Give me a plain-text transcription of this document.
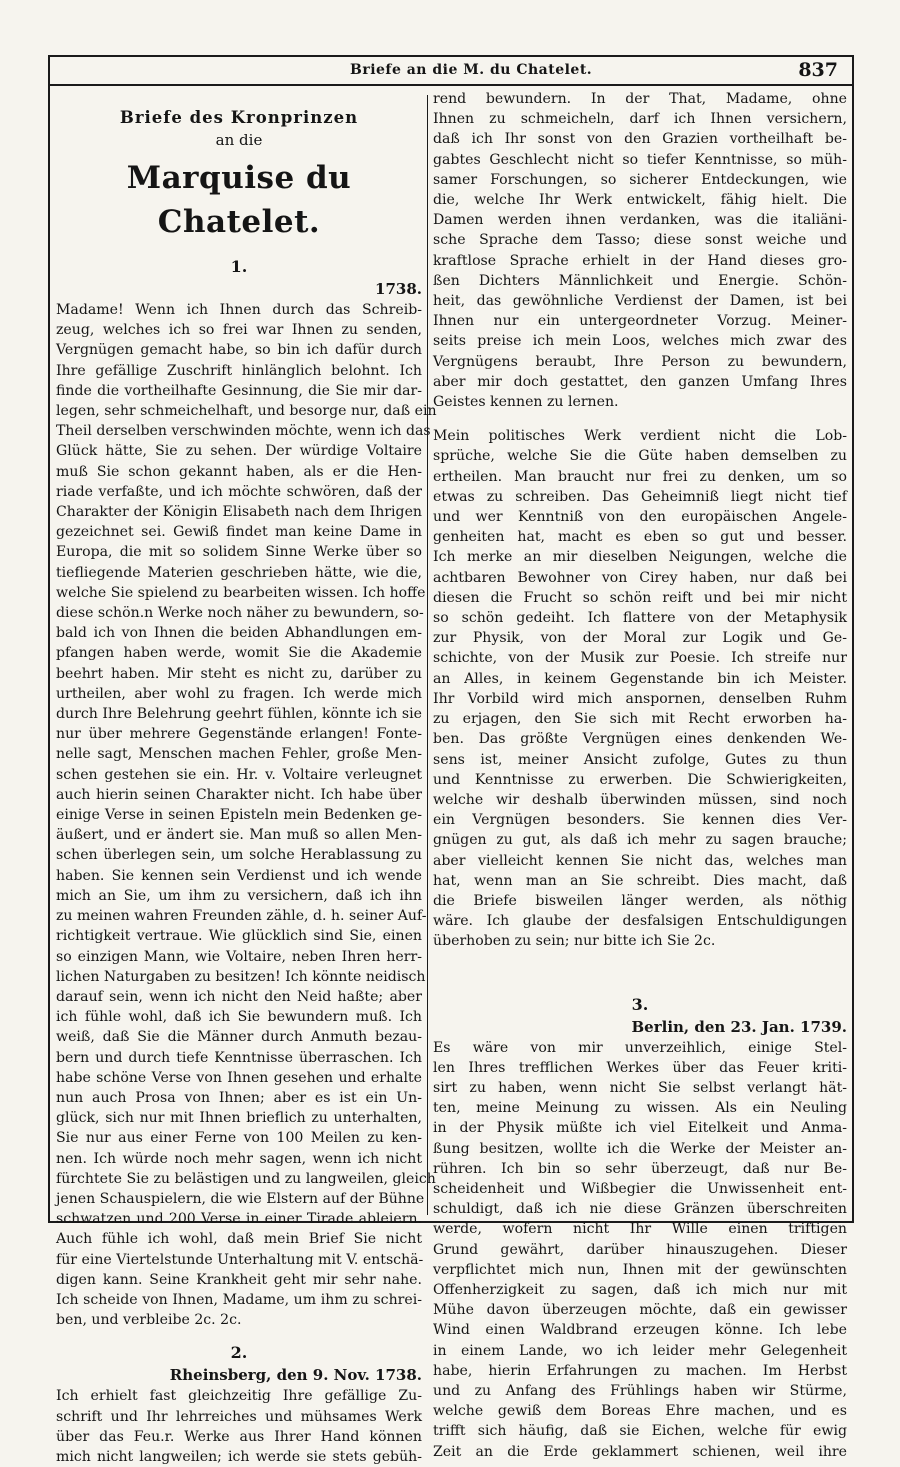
Briefe an die M. du Chatelet.	837
Briefe des Kronprinzen
an die
Marquise du Chatelet.
1.
1738.
Madame! Wenn ich Ihnen durch das Schreib-
zeug, welches ich so frei war Ihnen zu senden,
Vergnügen gemacht habe, so bin ich dafür durch
Ihre gefällige Zuschrift hinlänglich belohnt. Ich
finde die vortheilhafte Gesinnung, die Sie mir dar-
legen, sehr schmeichelhaft, und besorge nur, daß ein
Theil derselben verschwinden möchte, wenn ich das
Glück hätte, Sie zu sehen. Der würdige Voltaire
muß Sie schon gekannt haben, als er die Hen-
riade verfaßte, und ich möchte schwören, daß der
Charakter der Königin Elisabeth nach dem Ihrigen
gezeichnet sei. Gewiß findet man keine Dame in
Europa, die mit so solidem Sinne Werke über so
tiefliegende Materien geschrieben hätte, wie die,
welche Sie spielend zu bearbeiten wissen. Ich hoffe
diese schön.n Werke noch näher zu bewundern, so-
bald ich von Ihnen die beiden Abhandlungen em-
pfangen haben werde, womit Sie die Akademie
beehrt haben. Mir steht es nicht zu, darüber zu
urtheilen, aber wohl zu fragen. Ich werde mich
durch Ihre Belehrung geehrt fühlen, könnte ich sie
nur über mehrere Gegenstände erlangen! Fonte-
nelle sagt, Menschen machen Fehler, große Men-
schen gestehen sie ein. Hr. v. Voltaire verleugnet
auch hierin seinen Charakter nicht. Ich habe über
einige Verse in seinen Episteln mein Bedenken ge-
äußert, und er ändert sie. Man muß so allen Men-
schen überlegen sein, um solche Herablassung zu
haben. Sie kennen sein Verdienst und ich wende
mich an Sie, um ihm zu versichern, daß ich ihn
zu meinen wahren Freunden zähle, d. h. seiner Auf-
richtigkeit vertraue. Wie glücklich sind Sie, einen
so einzigen Mann, wie Voltaire, neben Ihren herr-
lichen Naturgaben zu besitzen! Ich könnte neidisch
darauf sein, wenn ich nicht den Neid haßte; aber
ich fühle wohl, daß ich Sie bewundern muß. Ich
weiß, daß Sie die Männer durch Anmuth bezau-
bern und durch tiefe Kenntnisse überraschen. Ich
habe schöne Verse von Ihnen gesehen und erhalte
nun auch Prosa von Ihnen; aber es ist ein Un-
glück, sich nur mit Ihnen brieflich zu unterhalten,
Sie nur aus einer Ferne von 100 Meilen zu ken-
nen. Ich würde noch mehr sagen, wenn ich nicht
fürchtete Sie zu belästigen und zu langweilen, gleich
jenen Schauspielern, die wie Elstern auf der Bühne
schwatzen und 200 Verse in einer Tirade ableiern.
Auch fühle ich wohl, daß mein Brief Sie nicht
für eine Viertelstunde Unterhaltung mit V. entschä-
digen kann. Seine Krankheit geht mir sehr nahe.
Ich scheide von Ihnen, Madame, um ihm zu schrei-
ben, und verbleibe 2c. 2c.
2.
Rheinsberg, den 9. Nov. 1738.
Ich erhielt fast gleichzeitig Ihre gefällige Zu-
schrift und Ihr lehrreiches und mühsames Werk
über das Feu.r. Werke aus Ihrer Hand können
mich nicht langweilen; ich werde sie stets gebüh-
rend bewundern. In der That, Madame, ohne
Ihnen zu schmeicheln, darf ich Ihnen versichern,
daß ich Ihr sonst von den Grazien vortheilhaft be-
gabtes Geschlecht nicht so tiefer Kenntnisse, so müh-
samer Forschungen, so sicherer Entdeckungen, wie
die, welche Ihr Werk entwickelt, fähig hielt. Die
Damen werden ihnen verdanken, was die italiäni-
sche Sprache dem Tasso; diese sonst weiche und
kraftlose Sprache erhielt in der Hand dieses gro-
ßen Dichters Männlichkeit und Energie. Schön-
heit, das gewöhnliche Verdienst der Damen, ist bei
Ihnen nur ein untergeordneter Vorzug. Meiner-
seits preise ich mein Loos, welches mich zwar des
Vergnügens beraubt, Ihre Person zu bewundern,
aber mir doch gestattet, den ganzen Umfang Ihres
Geistes kennen zu lernen.
Mein politisches Werk verdient nicht die Lob-
sprüche, welche Sie die Güte haben demselben zu
ertheilen. Man braucht nur frei zu denken, um so
etwas zu schreiben. Das Geheimniß liegt nicht tief
und wer Kenntniß von den europäischen Angele-
genheiten hat, macht es eben so gut und besser.
Ich merke an mir dieselben Neigungen, welche die
achtbaren Bewohner von Cirey haben, nur daß bei
diesen die Frucht so schön reift und bei mir nicht
so schön gedeiht. Ich flattere von der Metaphysik
zur Physik, von der Moral zur Logik und Ge-
schichte, von der Musik zur Poesie. Ich streife nur
an Alles, in keinem Gegenstande bin ich Meister.
Ihr Vorbild wird mich anspornen, denselben Ruhm
zu erjagen, den Sie sich mit Recht erworben ha-
ben. Das größte Vergnügen eines denkenden We-
sens ist, meiner Ansicht zufolge, Gutes zu thun
und Kenntnisse zu erwerben. Die Schwierigkeiten,
welche wir deshalb überwinden müssen, sind noch
ein Vergnügen besonders. Sie kennen dies Ver-
gnügen zu gut, als daß ich mehr zu sagen brauche;
aber vielleicht kennen Sie nicht das, welches man
hat, wenn man an Sie schreibt. Dies macht, daß
die Briefe bisweilen länger werden, als nöthig
wäre. Ich glaube der desfalsigen Entschuldigungen
überhoben zu sein; nur bitte ich Sie 2c.
3.
Berlin, den 23. Jan. 1739.
Es wäre von mir unverzeihlich, einige Stel-
len Ihres trefflichen Werkes über das Feuer kriti-
sirt zu haben, wenn nicht Sie selbst verlangt hät-
ten, meine Meinung zu wissen. Als ein Neuling
in der Physik müßte ich viel Eitelkeit und Anma-
ßung besitzen, wollte ich die Werke der Meister an-
rühren. Ich bin so sehr überzeugt, daß nur Be-
scheidenheit und Wißbegier die Unwissenheit ent-
schuldigt, daß ich nie diese Gränzen überschreiten
werde, wofern nicht Ihr Wille einen triftigen
Grund gewährt, darüber hinauszugehen. Dieser
verpflichtet mich nun, Ihnen mit der gewünschten
Offenherzigkeit zu sagen, daß ich mich nur mit
Mühe davon überzeugen möchte, daß ein gewisser
Wind einen Waldbrand erzeugen könne. Ich lebe
in einem Lande, wo ich leider mehr Gelegenheit
habe, hierin Erfahrungen zu machen. Im Herbst
und zu Anfang des Frühlings haben wir Stürme,
welche gewiß dem Boreas Ehre machen, und es
trifft sich häufig, daß sie Eichen, welche für ewig
Zeit an die Erde geklammert schienen, weil ihre
